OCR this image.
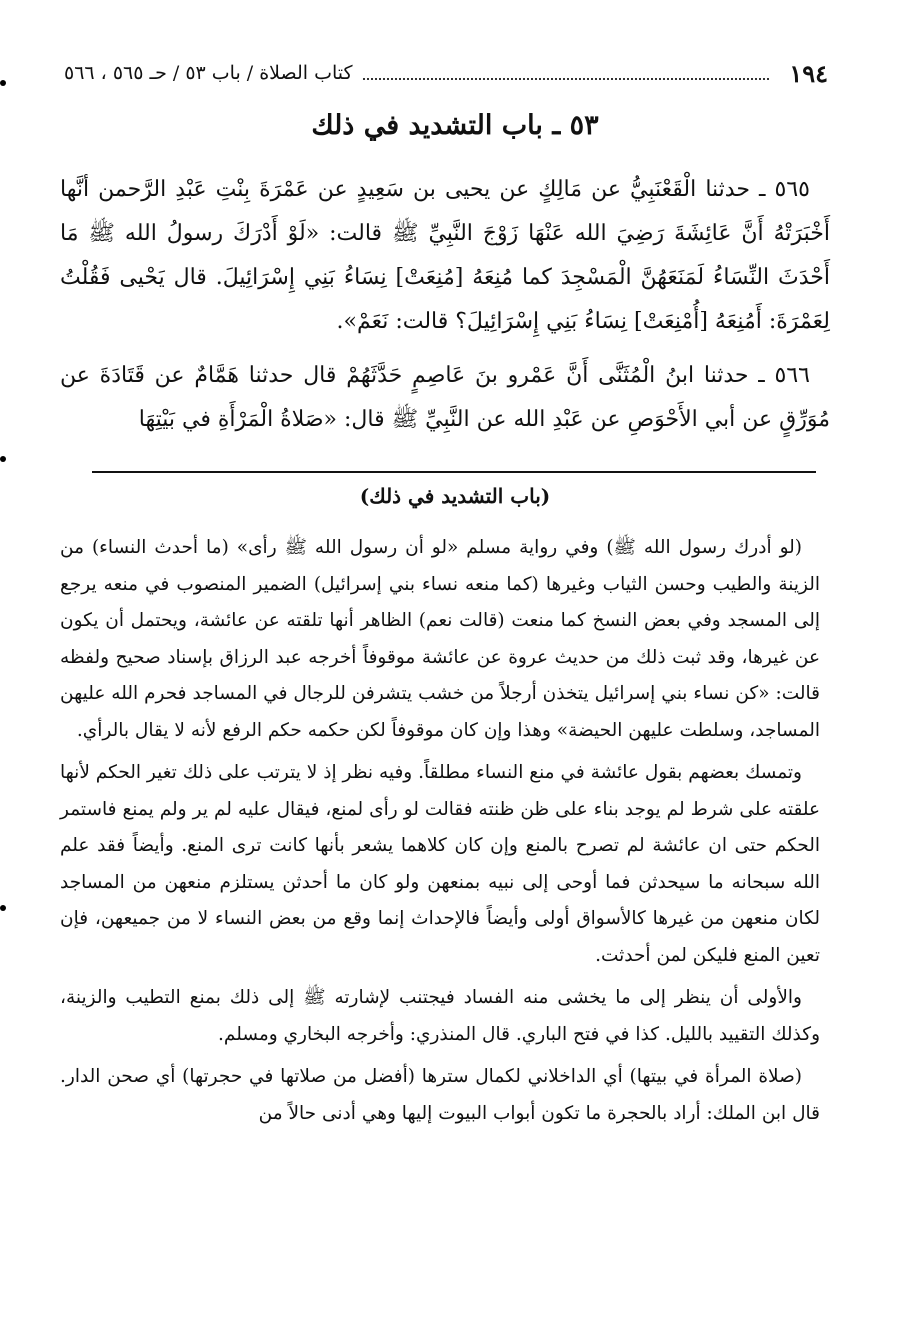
١٩٤
كتاب الصلاة / باب ٥٣ / حـ ٥٦٥ ، ٥٦٦
٥٣ ـ باب التشديد في ذلك

٥٦٥ ـ حدثنا الْقَعْنَبِيُّ عن مَالِكٍ عن يحيى بن سَعِيدٍ عن عَمْرَةَ بِنْتِ عَبْدِ الرَّحمن أنَّها أَخْبَرَتْهُ أَنَّ عَائِشَةَ رَضِيَ الله عَنْهَا زَوْجَ النَّبِيِّ ﷺ قالت: «لَوْ أَدْرَكَ رسولُ الله ﷺ مَا أَحْدَثَ النِّسَاءُ لَمَنَعَهُنَّ الْمَسْجِدَ كما مُنِعَهُ [مُنِعَتْ] نِسَاءُ بَنِي إِسْرَائِيلَ. قال يَحْيى فَقُلْتُ لِعَمْرَةَ: أَمُنِعَهُ [أُمْنِعَتْ] نِسَاءُ بَنِي إِسْرَائِيلَ؟ قالت: نَعَمْ».

٥٦٦ ـ حدثنا ابنُ الْمُثَنَّى أَنَّ عَمْرو بنَ عَاصِمٍ حَدَّثَهُمْ قال حدثنا هَمَّامٌ عن قَتَادَةَ عن مُوَرِّقٍ عن أبي الأَحْوَصِ عن عَبْدِ الله عن النَّبِيِّ ﷺ قال: «صَلاةُ الْمَرْأَةِ في بَيْتِهَا

(باب التشديد في ذلك)

(لو أدرك رسول الله ﷺ) وفي رواية مسلم «لو أن رسول الله ﷺ رأى» (ما أحدث النساء) من الزينة والطيب وحسن الثياب وغيرها (كما منعه نساء بني إسرائيل) الضمير المنصوب في منعه يرجع إلى المسجد وفي بعض النسخ كما منعت (قالت نعم) الظاهر أنها تلقته عن عائشة، ويحتمل أن يكون عن غيرها، وقد ثبت ذلك من حديث عروة عن عائشة موقوفاً أخرجه عبد الرزاق بإسناد صحيح ولفظه قالت: «كن نساء بني إسرائيل يتخذن أرجلاً من خشب يتشرفن للرجال في المساجد فحرم الله عليهن المساجد، وسلطت عليهن الحيضة» وهذا وإن كان موقوفاً لكن حكمه حكم الرفع لأنه لا يقال بالرأي.

وتمسك بعضهم بقول عائشة في منع النساء مطلقاً. وفيه نظر إذ لا يترتب على ذلك تغير الحكم لأنها علقته على شرط لم يوجد بناء على ظن ظنته فقالت لو رأى لمنع، فيقال عليه لم ير ولم يمنع فاستمر الحكم حتى ان عائشة لم تصرح بالمنع وإن كان كلاهما يشعر بأنها كانت ترى المنع. وأيضاً فقد علم الله سبحانه ما سيحدثن فما أوحى إلى نبيه بمنعهن ولو كان ما أحدثن يستلزم منعهن من المساجد لكان منعهن من غيرها كالأسواق أولى وأيضاً فالإحداث إنما وقع من بعض النساء لا من جميعهن، فإن تعين المنع فليكن لمن أحدثت.

والأولى أن ينظر إلى ما يخشى منه الفساد فيجتنب لإشارته ﷺ إلى ذلك بمنع التطيب والزينة، وكذلك التقييد بالليل. كذا في فتح الباري. قال المنذري: وأخرجه البخاري ومسلم.

(صلاة المرأة في بيتها) أي الداخلاني لكمال سترها (أفضل من صلاتها في حجرتها) أي صحن الدار. قال ابن الملك: أراد بالحجرة ما تكون أبواب البيوت إليها وهي أدنى حالاً من
